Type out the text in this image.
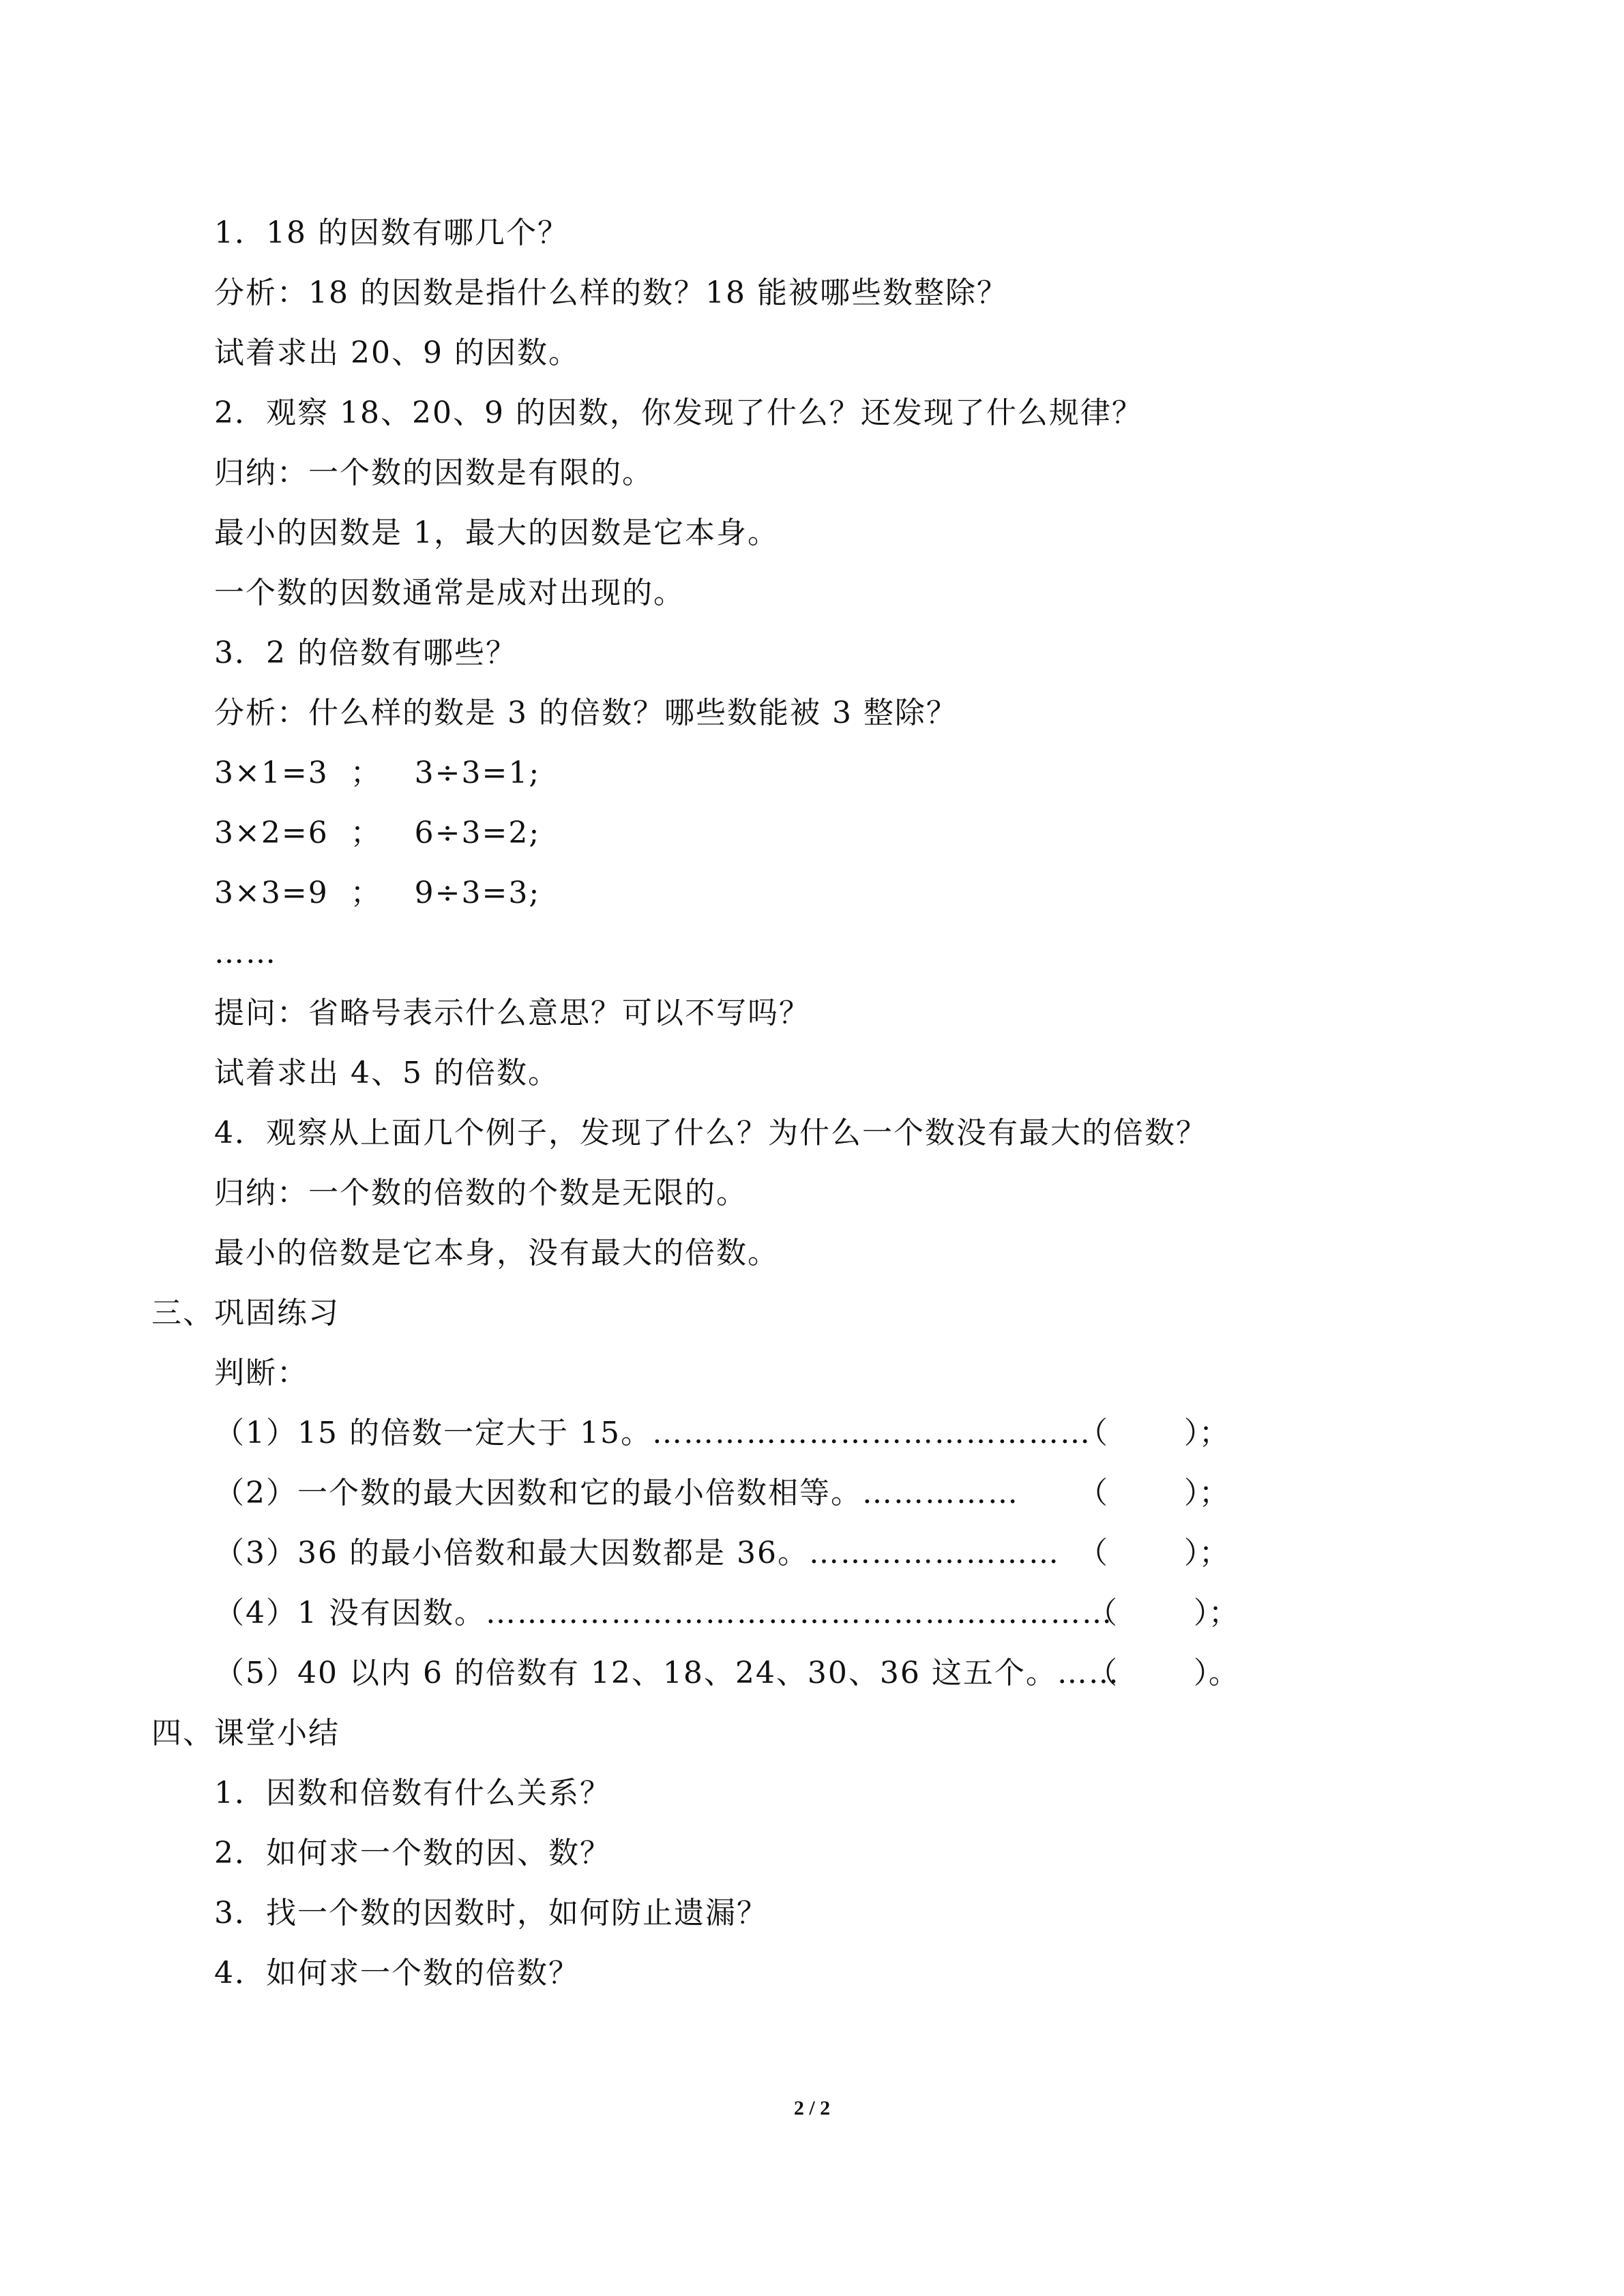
1．18 的因数有哪几个？
分析：18 的因数是指什么样的数？18 能被哪些数整除？
试着求出 20、9 的因数。
2．观察 18、20、9 的因数，你发现了什么？还发现了什么规律？
归纳：一个数的因数是有限的。
最小的因数是 1，最大的因数是它本身。
一个数的因数通常是成对出现的。
3．2 的倍数有哪些？
分析：什么样的数是 3 的倍数？哪些数能被 3 整除？
3×1=3  ；   3÷3=1;
3×2=6  ；   6÷3=2;
3×3=9  ；   9÷3=3;
……
提问：省略号表示什么意思？可以不写吗？
试着求出 4、5 的倍数。
4．观察从上面几个例子，发现了什么？为什么一个数没有最大的倍数？
归纳：一个数的倍数的个数是无限的。
最小的倍数是它本身，没有最大的倍数。
三、巩固练习
判断：
（1）15 的倍数一定大于 15。……………………………………
（        ）；
（2）一个数的最大因数和它的最小倍数相等。…………… （        ）；
（3）36 的最小倍数和最大因数都是 36。…………………… （        ）；
（4）1 没有因数。……………………………………………………
（        ）；
（5）40 以内 6 的倍数有 12、18、24、30、36 这五个。……
（        ）。
四、课堂小结
1．因数和倍数有什么关系？
2．如何求一个数的因、数？
3．找一个数的因数时，如何防止遗漏？
4．如何求一个数的倍数？
2 / 2
